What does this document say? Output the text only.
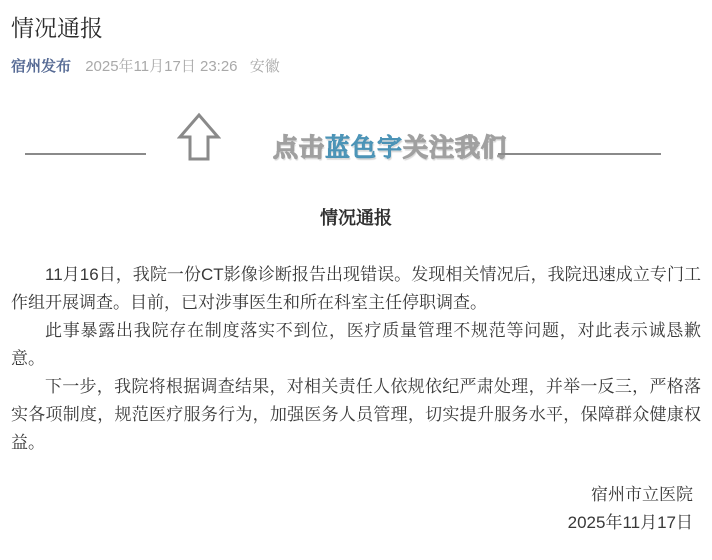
情况通报
宿州发布 2025年11月17日 23:26 安徽
点击蓝色字关注我们
情况通报

11月16日，我院一份CT影像诊断报告出现错误。发现相关情况后，我院迅速成立专门工作组开展调查。目前，已对涉事医生和所在科室主任停职调查。

此事暴露出我院存在制度落实不到位，医疗质量管理不规范等问题，对此表示诚恳歉意。

下一步，我院将根据调查结果，对相关责任人依规依纪严肃处理，并举一反三，严格落实各项制度，规范医疗服务行为，加强医务人员管理，切实提升服务水平，保障群众健康权益。

宿州市立医院
2025年11月17日
